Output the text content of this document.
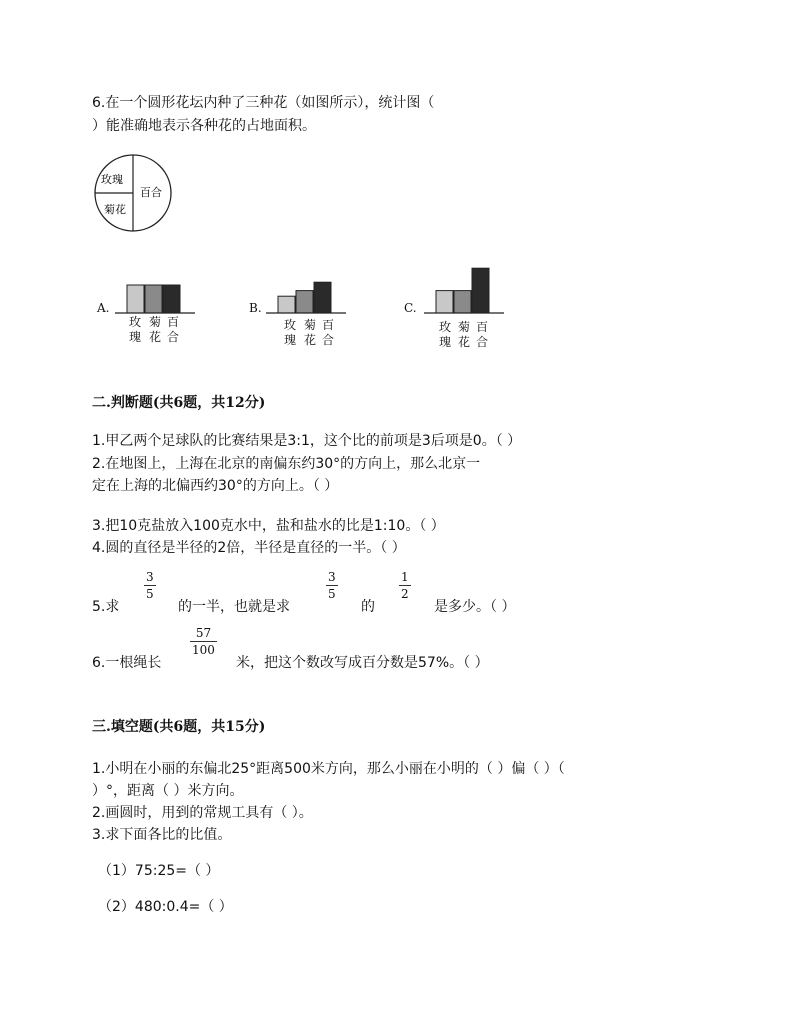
6.在一个圆形花坛内种了三种花（如图所示），统计图（
）能准确地表示各种花的占地面积。
玫瑰
百合
菊花
A.
玫瑰
菊花
百合
B.
玫瑰
菊花
百合
C.
玫瑰
菊花
百合
二.判断题(共6题，共12分)
1.甲乙两个足球队的比赛结果是3:1，这个比的前项是3后项是0。（ ）
2.在地图上，上海在北京的南偏东约30°的方向上，那么北京一
定在上海的北偏西约30°的方向上。（ ）
3.把10克盐放入100克水中，盐和盐水的比是1:10。（ ）
4.圆的直径是半径的2倍，半径是直径的一半。（ ）
5.求
3
5
的一半，也就是求
3
5
的
1
2
是多少。（ ）
6.一根绳长
57
100
米，把这个数改写成百分数是57%。（ ）
三.填空题(共6题，共15分)
1.小明在小丽的东偏北25°距离500米方向，那么小丽在小明的（ ）偏（ ）（
）°，距离（ ）米方向。
2.画圆时，用到的常规工具有（ ）。
3.求下面各比的比值。
（1）75:25=（ ）
（2）480:0.4=（ ）
